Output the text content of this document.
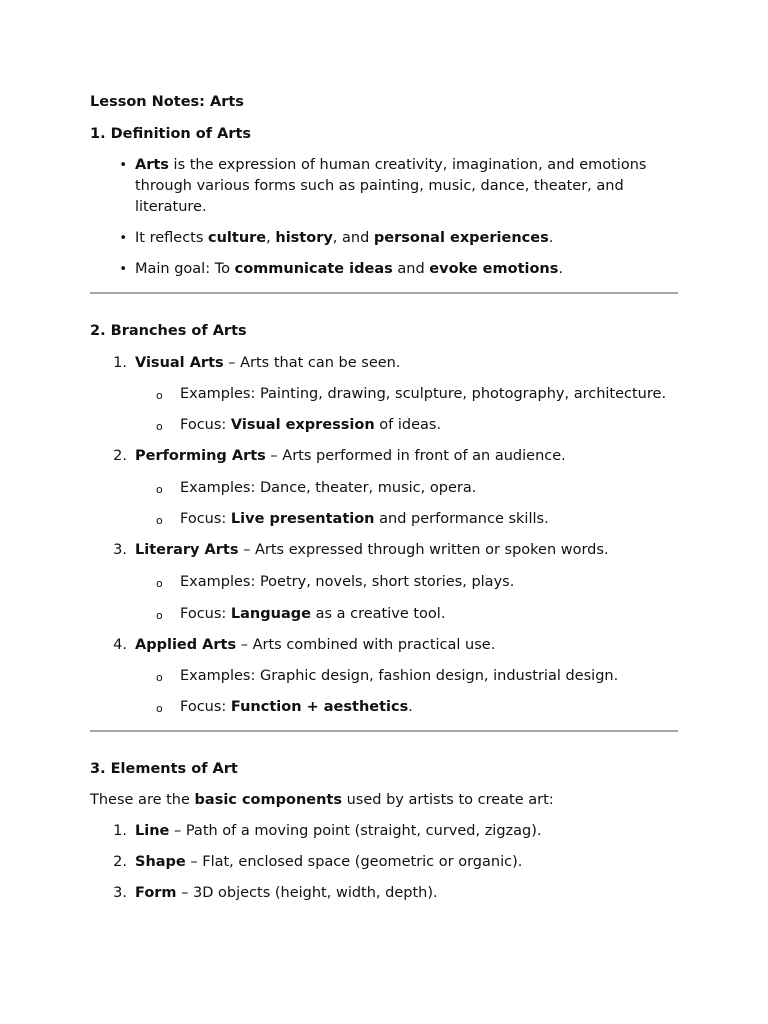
Lesson Notes: Arts
1. Definition of Arts
• Arts is the expression of human creativity, imagination, and emotions through various forms such as painting, music, dance, theater, and literature.
• It reflects culture, history, and personal experiences.
• Main goal: To communicate ideas and evoke emotions.
2. Branches of Arts
1. Visual Arts – Arts that can be seen.
o Examples: Painting, drawing, sculpture, photography, architecture.
o Focus: Visual expression of ideas.
2. Performing Arts – Arts performed in front of an audience.
o Examples: Dance, theater, music, opera.
o Focus: Live presentation and performance skills.
3. Literary Arts – Arts expressed through written or spoken words.
o Examples: Poetry, novels, short stories, plays.
o Focus: Language as a creative tool.
4. Applied Arts – Arts combined with practical use.
o Examples: Graphic design, fashion design, industrial design.
o Focus: Function + aesthetics.
3. Elements of Art
These are the basic components used by artists to create art:
1. Line – Path of a moving point (straight, curved, zigzag).
2. Shape – Flat, enclosed space (geometric or organic).
3. Form – 3D objects (height, width, depth).
